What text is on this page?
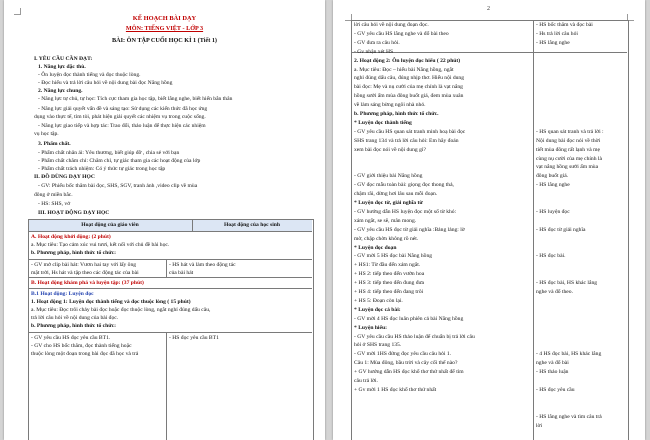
KẾ HOẠCH BÀI DẠY
MÔN: TIẾNG VIỆT - LỚP 3
BÀI: ÔN TẬP CUỐI HỌC KÌ 1 (Tiết 1)
I. YÊU CẦU CẦN ĐẠT:
1. Năng lực đặc thù.
- Ôn luyện đọc thành tiếng và đọc thuộc lòng.
- Đọc hiểu và trả lời câu hỏi về nội dung bài đọc Nắng hồng
2. Năng lực chung.
- Năng lực tự chủ, tự học: Tích cực tham gia học tập, biết lắng nghe, biết hiến bằn thân
- Năng lực giải quyết vấn đề và sáng tạo: Sử dụng các kiến thức đã học ứng
dụng vào thực tế, tìm tòi, phát hiện giải quyết các nhiệm vụ trong cuộc sống.
- Năng lực giao tiếp và hợp tác: Trao đổi, thảo luận để thực hiện các nhiệm
vụ học tập.
3. Phẩm chất.
- Phẩm chất nhân ái: Yêu thương, biết giúp đỡ , chia sẻ với bạn
- Phẩm chất chăm chỉ: Chăm chỉ, tự giác tham gia các hoạt động của lớp
- Phẩm chất trách nhiệm: Có ý thức tự giác trong học tập
II. ĐỒ DÙNG DẠY HỌC
- GV: Phiếu bốc thăm bài đọc, SHS, SGV, tranh ảnh ,video clip về mùa
đông ở miền bắc.
- HS: SHS, vở
III. HOẠT ĐỘNG DẠY HỌC
Hoạt động của giáo viên	Hoạt động của học sinh
A. Hoạt động khởi động: (2 phút)
a. Mục tiêu: Tạo cảm xúc vui tươi, kết nối với chủ đề bài học.
b. Phương pháp, hình thức tổ chức:
- GV mở clip bài hát: Vươn hai tay với lấy ông
mặt trời, Hs hát và tập theo các động tác của bài
- HS hát và làm theo động tác
của bài hát
B. Hoạt động khám phá và luyện tập: (37 phút)
B.1 Hoạt động: Luyện đọc
1. Hoạt động 1: Luyện đọc thành tiếng và đọc thuộc lòng ( 15 phút)
a. Mục tiêu: Đọc trôi chảy bài đọc hoặc đọc thuộc lòng, ngắt nghỉ đúng dấu câu,
trả lời câu hỏi về nội dung của bài đọc.
b. Phương pháp, hình thức tổ chức:
- GV yêu cầu HS đọc yêu cầu BT1.
- GV cho HS bốc thăm, đọc thành tiếng hoặc
thuộc lòng một đoạn trong bài đọc đã học và trả
- HS đọc yêu cầu BT1
2
lời câu hỏi về nội dung đoạn đọc.
- GV yêu cầu HS lắng nghe và đổ bài theo
- GV đưa ra câu hỏi.
- Gv nhận xét HS
2. Hoạt động 2: Ôn luyện đọc hiểu ( 22 phút)
a. Mục tiêu: Đọc – hiểu bài Nắng hồng, ngắt
nghỉ đúng dấu câu, đúng nhịp thơ. Hiểu nội dung
bài đọc: Mẹ và nụ cười của mẹ chính là vạt nắng
hồng sưởi ấm mùa đông buốt giá, đem mùa xuân
về làm sáng bừng ngôi nhà nhỏ.
b. Phương pháp, hình thức tổ chức.
* Luyện đọc thành tiếng
- GV yêu cầu HS quan sát tranh minh hoạ bài đọc
SHS trang 134 và trả lời câu hỏi: Em hãy đoán
xem bài đọc nói về nội dung gì?
- GV giới thiệu bài Nắng hồng
- GV đọc mẫu toàn bài: giọng đọc thong thả,
chậm rãi, dừng hơi lâu sau mỗi đoạn.
* Luyện đọc từ, giải nghĩa từ
- GV hướng dẫn HS luyện đọc một số từ khó:
xám ngắt, se sẽ, mân mong.
- GV yêu cầu HS đọc từ giải nghĩa :Bảng lảng: lờ
mờ, chập chờn không rõ nét.
* Luyện đọc đoạn
- GV mời 5 HS đọc bài Nắng hồng
+ HS1: Từ đầu đến xám ngắt.
+ HS 2: tiếp theo đến vườn hoa
+ HS 3: tiếp theo đến đung đưa
+ HS 4: tiếp theo đến đang trôi
+ HS 5: Đoạn còn lại.
* Luyện đọc cả bài:
- GV mời 4 HS đọc luân phiên cả bài Nắng hồng
* Luyện hiểu:
- GV yêu cầu cầu HS thảo luận để chuẩn bị trả lời câu
hỏi ở SHS trang 135.
- GV mời 1HS đứng đọc yêu cầu câu hỏi 1.
Câu 1: Mùa đông, bầu trời và cây cối thế nào?
+ GV hướng dẫn HS đọc khổ thơ thứ nhất để tìm
câu trả lời.
+ Gv mời 1 HS đọc khổ thơ thứ nhất
- HS bốc thăm và đọc bài
- Hs trả lời câu hỏi
- HS lắng nghe
- HS quan sát tranh và trả lời :
Nội dung bài đọc nói về thời
tiết mùa đông rất lạnh và mẹ
cùng nụ cười của mẹ chính là
vạt nắng hồng sưởi ấm mùa
đông buốt giá.
- HS lắng nghe
- HS luyện đọc
- HS đọc từ giải nghĩa
- HS đọc bài.
- HS đọc bài, HS khác lắng
nghe và đổ theo.
- 4 HS đọc bài, HS khác lắng
nghe và đổ bài
- HS thảo luận
- HS đọc yêu cầu
- HS lắng nghe và tìm câu trả
lời
